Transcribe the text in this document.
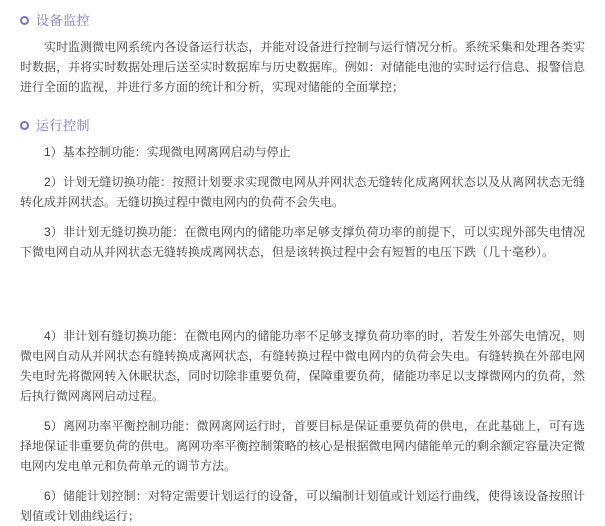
设备监控

实时监测微电网系统内各设备运行状态，并能对设备进行控制与运行情况分析。系统采集和处理各类实时数据，并将实时数据处理后送至实时数据库与历史数据库。例如：对储能电池的实时运行信息、报警信息进行全面的监视，并进行多方面的统计和分析，实现对储能的全面掌控；

运行控制

1）基本控制功能：实现微电网离网启动与停止

2）计划无缝切换功能：按照计划要求实现微电网从并网状态无缝转化成离网状态以及从离网状态无缝转化成并网状态。无缝切换过程中微电网内的负荷不会失电。

3）非计划无缝切换功能：在微电网内的储能功率足够支撑负荷功率的前提下，可以实现外部失电情况下微电网自动从并网状态无缝转换成离网状态，但是该转换过程中会有短暂的电压下跌（几十毫秒）。

4）非计划有缝切换功能：在微电网内的储能功率不足够支撑负荷功率的时，若发生外部失电情况，则微电网自动从并网状态有缝转换成离网状态，有缝转换过程中微电网内的负荷会失电。有缝转换在外部电网失电时先将微网转入休眠状态，同时切除非重要负荷，保障重要负荷，储能功率足以支撑微网内的负荷，然后执行微网离网启动过程。

5）离网功率平衡控制功能：微网离网运行时，首要目标是保证重要负荷的供电，在此基础上，可有选择地保证非重要负荷的供电。离网功率平衡控制策略的核心是根据微电网内储能单元的剩余额定容量决定微电网内发电单元和负荷单元的调节方法。

6）储能计划控制：对特定需要计划运行的设备，可以编制计划值或计划运行曲线，使得该设备按照计划值或计划曲线运行；
